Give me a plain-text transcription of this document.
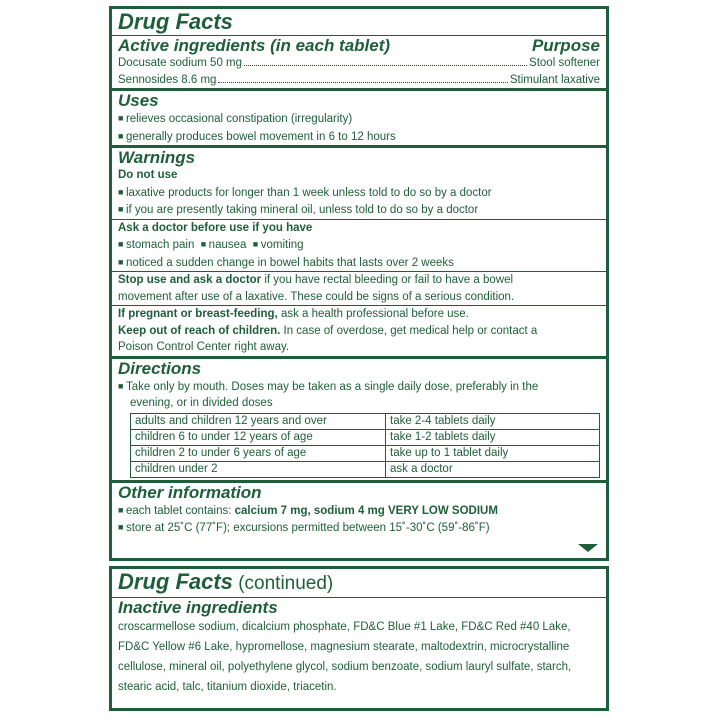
Drug Facts
Active ingredients (in each tablet)	Purpose
Docusate sodium 50 mg	Stool softener
Sennosides 8.6 mg	Stimulant laxative
Uses
■ relieves occasional constipation (irregularity)
■ generally produces bowel movement in 6 to 12 hours
Warnings
Do not use
■ laxative products for longer than 1 week unless told to do so by a doctor
■ if you are presently taking mineral oil, unless told to do so by a doctor
Ask a doctor before use if you have
■ stomach pain ■ nausea ■ vomiting
■ noticed a sudden change in bowel habits that lasts over 2 weeks
Stop use and ask a doctor if you have rectal bleeding or fail to have a bowel
movement after use of a laxative. These could be signs of a serious condition.
If pregnant or breast-feeding, ask a health professional before use.
Keep out of reach of children. In case of overdose, get medical help or contact a
Poison Control Center right away.
Directions
■ Take only by mouth. Doses may be taken as a single daily dose, preferably in the
evening, or in divided doses
adults and children 12 years and over	take 2-4 tablets daily
children 6 to under 12 years of age	take 1-2 tablets daily
children 2 to under 6 years of age	take up to 1 tablet daily
children under 2	ask a doctor
Other information
■ each tablet contains: calcium 7 mg, sodium 4 mg VERY LOW SODIUM
■ store at 25˚C (77˚F); excursions permitted between 15˚-30˚C (59˚-86˚F)
Drug Facts (continued)
Inactive ingredients
croscarmellose sodium, dicalcium phosphate, FD&C Blue #1 Lake, FD&C Red #40 Lake, FD&C Yellow #6 Lake, hypromellose, magnesium stearate, maltodextrin, microcrystalline cellulose, mineral oil, polyethylene glycol, sodium benzoate, sodium lauryl sulfate, starch, stearic acid, talc, titanium dioxide, triacetin.
